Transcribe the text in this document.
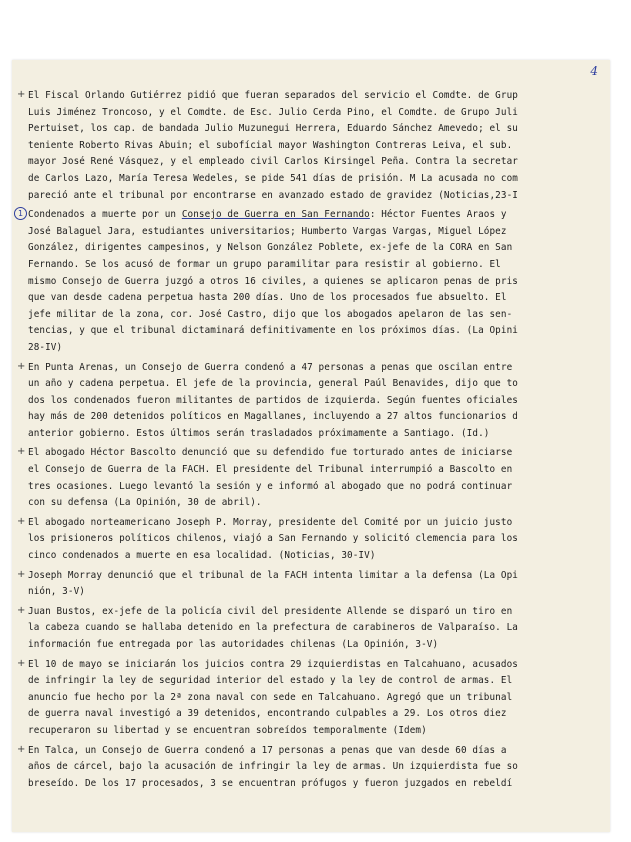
4
+ El Fiscal Orlando Gutiérrez pidió que fueran separados del servicio el Comdte. de Grup
Luis Jiménez Troncoso, y el Comdte. de Esc. Julio Cerda Pino, el Comdte. de Grupo Juli
Pertuiset, los cap. de bandada Julio Muzunegui Herrera, Eduardo Sánchez Amevedo; el su
teniente Roberto Rivas Abuin; el subofícial mayor Washington Contreras Leiva, el sub.
mayor José René Vásquez, y el empleado civil Carlos Kirsingel Peña. Contra la secretar
de Carlos Lazo, María Teresa Wedeles, se pide 541 días de prisión. M La acusada no com
pareció ante el tribunal por encontrarse en avanzado estado de gravidez (Noticias,23-I
1 Condenados a muerte por un Consejo de Guerra en San Fernando: Héctor Fuentes Araos y
José Balaguel Jara, estudiantes universitarios; Humberto Vargas Vargas, Miguel López
González, dirigentes campesinos, y Nelson González Poblete, ex-jefe de la CORA en San
Fernando. Se los acusó de formar un grupo paramilitar para resistir al gobierno. El
mismo Consejo de Guerra juzgó a otros 16 civiles, a quienes se aplicaron penas de pris
que van desde cadena perpetua hasta 200 días. Uno de los procesados fue absuelto. El
jefe militar de la zona, cor. José Castro, dijo que los abogados apelaron de las sen-
tencias, y que el tribunal dictaminará definitivamente en los próximos días. (La Opini
28-IV)
+ En Punta Arenas, un Consejo de Guerra condenó a 47 personas a penas que oscilan entre
un año y cadena perpetua. El jefe de la provincia, general Paúl Benavides, dijo que to
dos los condenados fueron militantes de partidos de izquierda. Según fuentes oficiales
hay más de 200 detenidos políticos en Magallanes, incluyendo a 27 altos funcionarios d
anterior gobierno. Estos últimos serán trasladados próximamente a Santiago. (Id.)
+ El abogado Héctor Bascolto denunció que su defendido fue torturado antes de iniciarse
el Consejo de Guerra de la FACH. El presidente del Tribunal interrumpió a Bascolto en
tres ocasiones. Luego levantó la sesión y e informó al abogado que no podrá continuar
con su defensa (La Opinión, 30 de abril).
+ El abogado norteamericano Joseph P. Morray, presidente del Comité por un juicio justo
los prisioneros políticos chilenos, viajó a San Fernando y solicitó clemencia para los
cinco condenados a muerte en esa localidad. (Noticias, 30-IV)
+ Joseph Morray denunció que el tribunal de la FACH intenta limitar a la defensa (La Opi
nión, 3-V)
+ Juan Bustos, ex-jefe de la policía civil del presidente Allende se disparó un tiro en
la cabeza cuando se hallaba detenido en la prefectura de carabineros de Valparaíso. La
información fue entregada por las autoridades chilenas (La Opinión, 3-V)
+ El 10 de mayo se iniciarán los juicios contra 29 izquierdistas en Talcahuano, acusados
de infringir la ley de seguridad interior del estado y la ley de control de armas. El
anuncio fue hecho por la 2ª zona naval con sede en Talcahuano. Agregó que un tribunal
de guerra naval investigó a 39 detenidos, encontrando culpables a 29. Los otros diez
recuperaron su libertad y se encuentran sobreídos temporalmente (Idem)
+ En Talca, un Consejo de Guerra condenó a 17 personas a penas que van desde 60 días a
años de cárcel, bajo la acusación de infringir la ley de armas. Un izquierdista fue so
breseído. De los 17 procesados, 3 se encuentran prófugos y fueron juzgados en rebeldí
